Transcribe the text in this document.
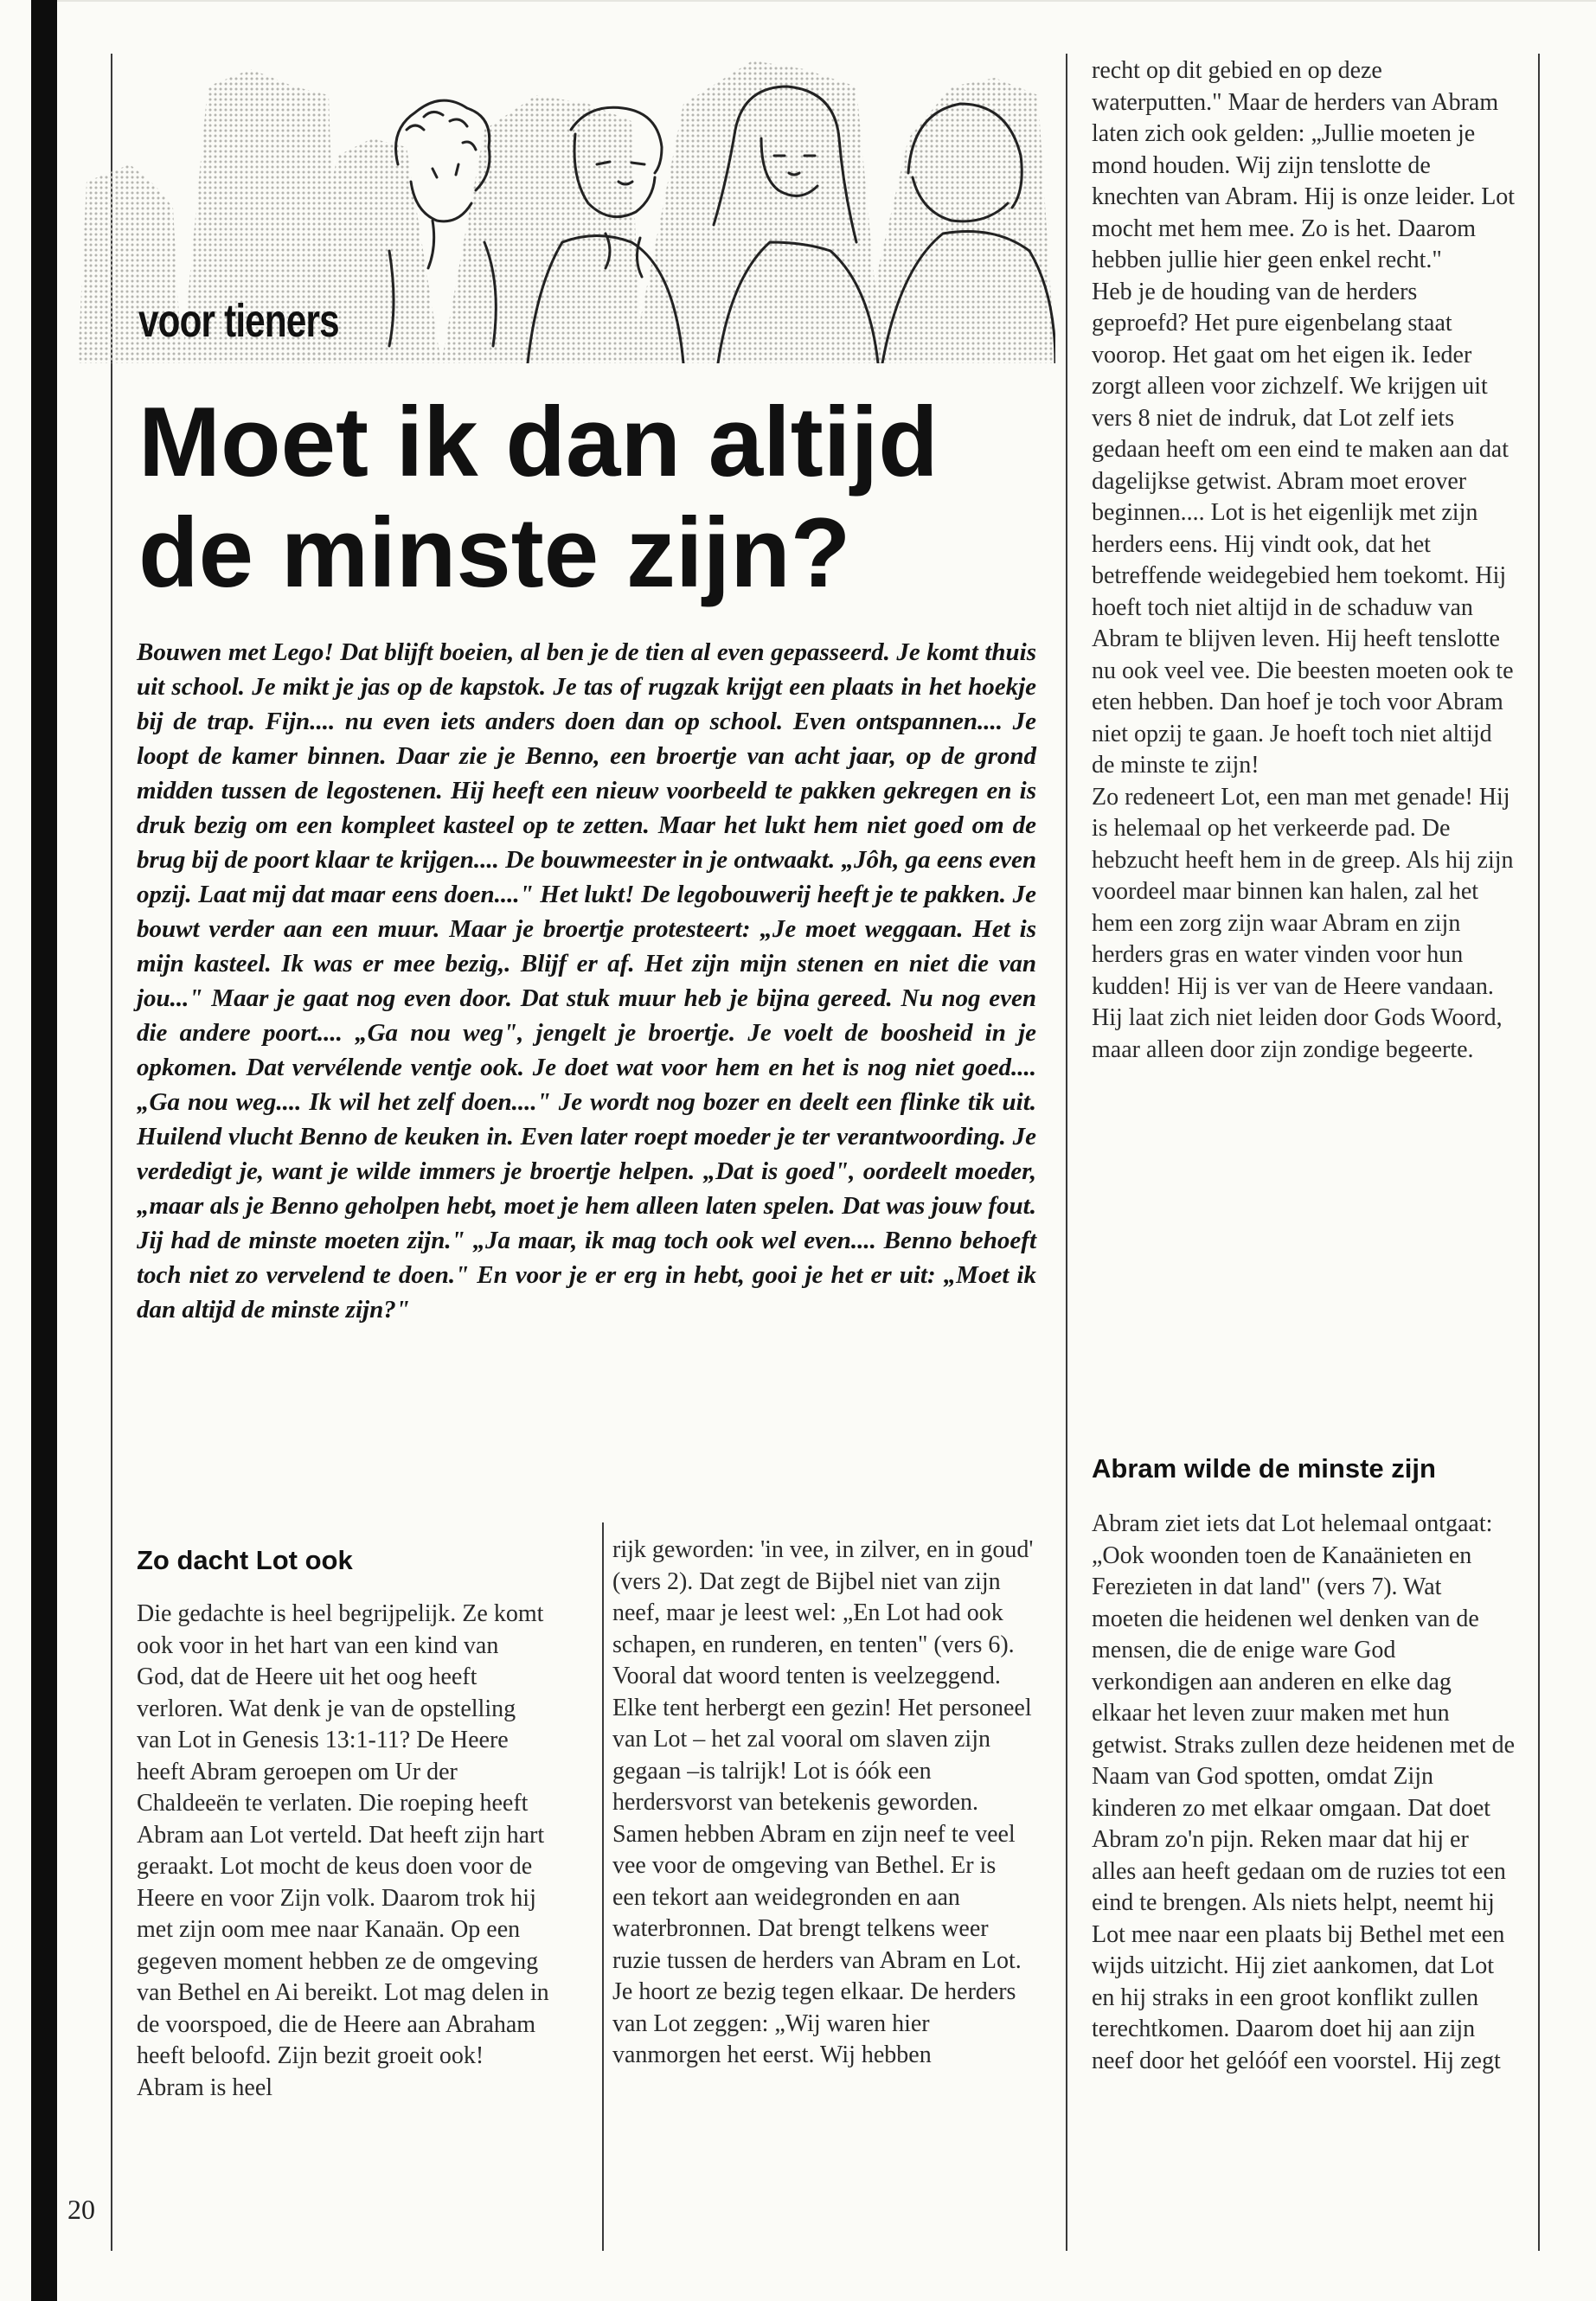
voor tieners
Moet ik dan altijd
de minste zijn?

Bouwen met Lego! Dat blijft boeien, al ben je de tien al even gepasseerd. Je komt thuis uit school. Je mikt je jas op de kapstok. Je tas of rugzak krijgt een plaats in het hoekje bij de trap. Fijn.... nu even iets anders doen dan op school. Even ontspannen.... Je loopt de kamer binnen. Daar zie je Benno, een broertje van acht jaar, op de grond midden tussen de legostenen. Hij heeft een nieuw voorbeeld te pakken gekregen en is druk bezig om een kompleet kasteel op te zetten. Maar het lukt hem niet goed om de brug bij de poort klaar te krijgen.... De bouwmeester in je ontwaakt. „Jôh, ga eens even opzij. Laat mij dat maar eens doen...." Het lukt! De legobouwerij heeft je te pakken. Je bouwt verder aan een muur. Maar je broertje protesteert: „Je moet weggaan. Het is mijn kasteel. Ik was er mee bezig,. Blijf er af. Het zijn mijn stenen en niet die van jou..." Maar je gaat nog even door. Dat stuk muur heb je bijna gereed. Nu nog even die andere poort.... „Ga nou weg", jengelt je broertje. Je voelt de boosheid in je opkomen. Dat vervélende ventje ook. Je doet wat voor hem en het is nog niet goed.... „Ga nou weg.... Ik wil het zelf doen...." Je wordt nog bozer en deelt een flinke tik uit. Huilend vlucht Benno de keuken in. Even later roept moeder je ter verantwoording. Je verdedigt je, want je wilde immers je broertje helpen. „Dat is goed", oordeelt moeder, „maar als je Benno geholpen hebt, moet je hem alleen laten spelen. Dat was jouw fout. Jij had de minste moeten zijn." „Ja maar, ik mag toch ook wel even.... Benno behoeft toch niet zo vervelend te doen." En voor je er erg in hebt, gooi je het er uit: „Moet ik dan altijd de minste zijn?"

Zo dacht Lot ook

Die gedachte is heel begrijpelijk. Ze komt ook voor in het hart van een kind van God, dat de Heere uit het oog heeft verloren. Wat denk je van de opstelling van Lot in Genesis 13:1-11? De Heere heeft Abram geroepen om Ur der Chaldeeën te verlaten. Die roeping heeft Abram aan Lot verteld. Dat heeft zijn hart geraakt. Lot mocht de keus doen voor de Heere en voor Zijn volk. Daarom trok hij met zijn oom mee naar Kanaän. Op een gegeven moment hebben ze de omgeving van Bethel en Ai bereikt. Lot mag delen in de voorspoed, die de Heere aan Abraham heeft beloofd. Zijn bezit groeit ook! Abram is heel

rijk geworden: 'in vee, in zilver, en in goud' (vers 2). Dat zegt de Bijbel niet van zijn neef, maar je leest wel: „En Lot had ook schapen, en runderen, en tenten" (vers 6). Vooral dat woord tenten is veelzeggend. Elke tent herbergt een gezin! Het personeel van Lot – het zal vooral om slaven zijn gegaan –is talrijk! Lot is óók een herdersvorst van betekenis geworden.

Samen hebben Abram en zijn neef te veel vee voor de omgeving van Bethel. Er is een tekort aan weidegronden en aan waterbronnen. Dat brengt telkens weer ruzie tussen de herders van Abram en Lot. Je hoort ze bezig tegen elkaar. De herders van Lot zeggen: „Wij waren hier vanmorgen het eerst. Wij hebben

recht op dit gebied en op deze waterputten." Maar de herders van Abram laten zich ook gelden: „Jullie moeten je mond houden. Wij zijn tenslotte de knechten van Abram. Hij is onze leider. Lot mocht met hem mee. Zo is het. Daarom hebben jullie hier geen enkel recht."

Heb je de houding van de herders geproefd? Het pure eigenbelang staat voorop. Het gaat om het eigen ik. Ieder zorgt alleen voor zichzelf. We krijgen uit vers 8 niet de indruk, dat Lot zelf iets gedaan heeft om een eind te maken aan dat dagelijkse getwist. Abram moet erover beginnen.... Lot is het eigenlijk met zijn herders eens. Hij vindt ook, dat het betreffende weidegebied hem toekomt. Hij hoeft toch niet altijd in de schaduw van Abram te blijven leven. Hij heeft tenslotte nu ook veel vee. Die beesten moeten ook te eten hebben. Dan hoef je toch voor Abram niet opzij te gaan. Je hoeft toch niet altijd de minste te zijn!

Zo redeneert Lot, een man met genade! Hij is helemaal op het verkeerde pad. De hebzucht heeft hem in de greep. Als hij zijn voordeel maar binnen kan halen, zal het hem een zorg zijn waar Abram en zijn herders gras en water vinden voor hun kudden! Hij is ver van de Heere vandaan. Hij laat zich niet leiden door Gods Woord, maar alleen door zijn zondige begeerte.

Abram wilde de minste zijn

Abram ziet iets dat Lot helemaal ontgaat: „Ook woonden toen de Kanaänieten en Ferezieten in dat land" (vers 7). Wat moeten die heidenen wel denken van de mensen, die de enige ware God verkondigen aan anderen en elke dag elkaar het leven zuur maken met hun getwist. Straks zullen deze heidenen met de Naam van God spotten, omdat Zijn kinderen zo met elkaar omgaan. Dat doet Abram zo'n pijn. Reken maar dat hij er alles aan heeft gedaan om de ruzies tot een eind te brengen. Als niets helpt, neemt hij Lot mee naar een plaats bij Bethel met een wijds uitzicht. Hij ziet aankomen, dat Lot en hij straks in een groot konflikt zullen terechtkomen. Daarom doet hij aan zijn neef door het gelóóf een voorstel. Hij zegt

20
